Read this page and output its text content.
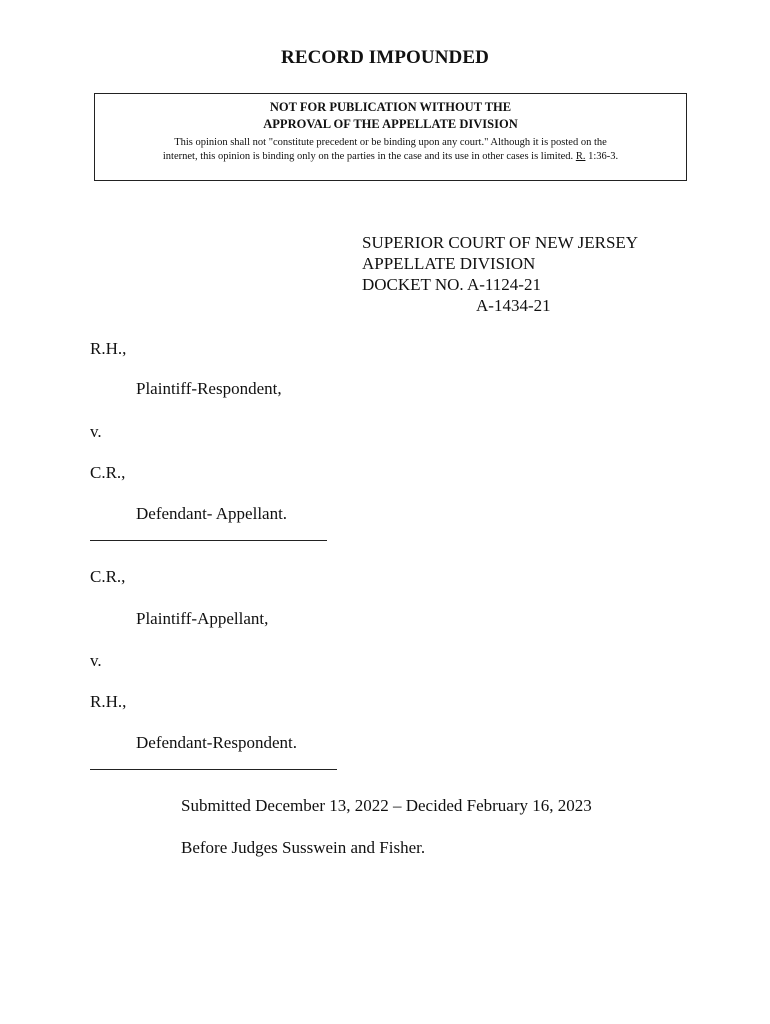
RECORD IMPOUNDED
NOT FOR PUBLICATION WITHOUT THE
APPROVAL OF THE APPELLATE DIVISION
This opinion shall not "constitute precedent or be binding upon any court." Although it is posted on the
internet, this opinion is binding only on the parties in the case and its use in other cases is limited. R. 1:36-3.
SUPERIOR COURT OF NEW JERSEY
APPELLATE DIVISION
DOCKET NO. A-1124-21
A-1434-21
R.H.,
Plaintiff-Respondent,
v.
C.R.,
Defendant- Appellant.
C.R.,
Plaintiff-Appellant,
v.
R.H.,
Defendant-Respondent.
Submitted December 13, 2022 – Decided February 16, 2023
Before Judges Susswein and Fisher.
